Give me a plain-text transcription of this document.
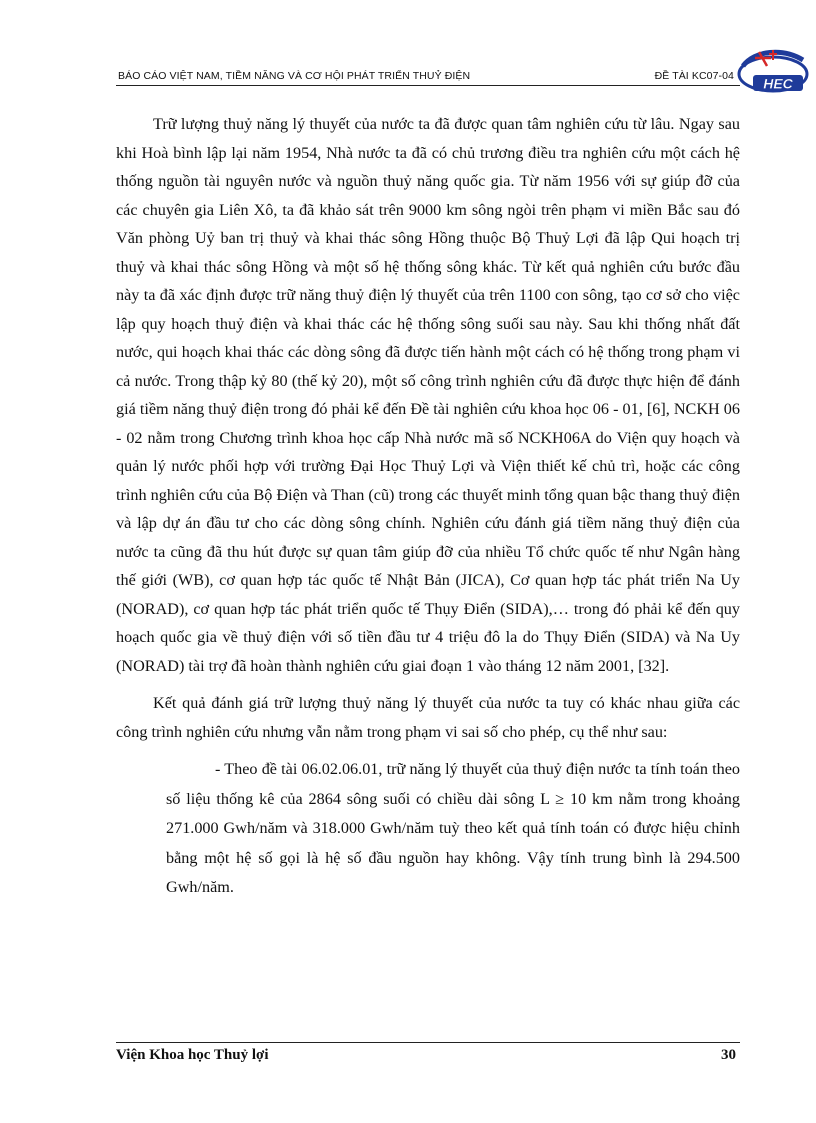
BÁO CÁO VIỆT NAM, TIỀM NĂNG VÀ CƠ HỘI PHÁT TRIỂN THUỶ ĐIỆN	ĐỀ TÀI KC07-04 HEC

Trữ lượng thuỷ năng lý thuyết của nước ta đã được quan tâm nghiên cứu từ lâu. Ngay sau khi Hoà bình lập lại năm 1954, Nhà nước ta đã có chủ trương điều tra nghiên cứu một cách hệ thống nguồn tài nguyên nước và nguồn thuỷ năng quốc gia. Từ năm 1956 với sự giúp đỡ của các chuyên gia Liên Xô, ta đã khảo sát trên 9000 km sông ngòi trên phạm vi miền Bắc sau đó Văn phòng Uỷ ban trị thuỷ và khai thác sông Hồng thuộc Bộ Thuỷ Lợi đã lập Qui hoạch trị thuỷ và khai thác sông Hồng và một số hệ thống sông khác. Từ kết quả nghiên cứu bước đầu này ta đã xác định được trữ năng thuỷ điện lý thuyết của trên 1100 con sông, tạo cơ sở cho việc lập quy hoạch thuỷ điện và khai thác các hệ thống sông suối sau này. Sau khi thống nhất đất nước, qui hoạch khai thác các dòng sông đã được tiến hành một cách có hệ thống trong phạm vi cả nước. Trong thập kỷ 80 (thế kỷ 20), một số công trình nghiên cứu đã được thực hiện để đánh giá tiềm năng thuỷ điện trong đó phải kể đến Đề tài nghiên cứu khoa học 06 - 01, [6], NCKH 06 - 02 nằm trong Chương trình khoa học cấp Nhà nước mã số NCKH06A do Viện quy hoạch và quản lý nước phối hợp với trường Đại Học Thuỷ Lợi và Viện thiết kế chủ trì, hoặc các công trình nghiên cứu của Bộ Điện và Than (cũ) trong các thuyết minh tổng quan bậc thang thuỷ điện và lập dự án đầu tư cho các dòng sông chính. Nghiên cứu đánh giá tiềm năng thuỷ điện của nước ta cũng đã thu hút được sự quan tâm giúp đỡ của nhiều Tổ chức quốc tế như Ngân hàng thế giới (WB), cơ quan hợp tác quốc tế Nhật Bản (JICA), Cơ quan hợp tác phát triển Na Uy (NORAD), cơ quan hợp tác phát triển quốc tế Thụy Điển (SIDA),… trong đó phải kể đến quy hoạch quốc gia về thuỷ điện với số tiền đầu tư 4 triệu đô la do Thụy Điển (SIDA) và Na Uy (NORAD) tài trợ đã hoàn thành nghiên cứu giai đoạn 1 vào tháng 12 năm 2001, [32].

Kết quả đánh giá trữ lượng thuỷ năng lý thuyết của nước ta tuy có khác nhau giữa các công trình nghiên cứu nhưng vẫn nằm trong phạm vi sai số cho phép, cụ thể như sau:

- Theo đề tài 06.02.06.01, trữ năng lý thuyết của thuỷ điện nước ta tính toán theo số liệu thống kê của 2864 sông suối có chiều dài sông L ≥ 10 km nằm trong khoảng 271.000 Gwh/năm và 318.000 Gwh/năm tuỳ theo kết quả tính toán có được hiệu chỉnh bằng một hệ số gọi là hệ số đầu nguồn hay không. Vậy tính trung bình là 294.500 Gwh/năm.

Viện Khoa học Thuỷ lợi	30
